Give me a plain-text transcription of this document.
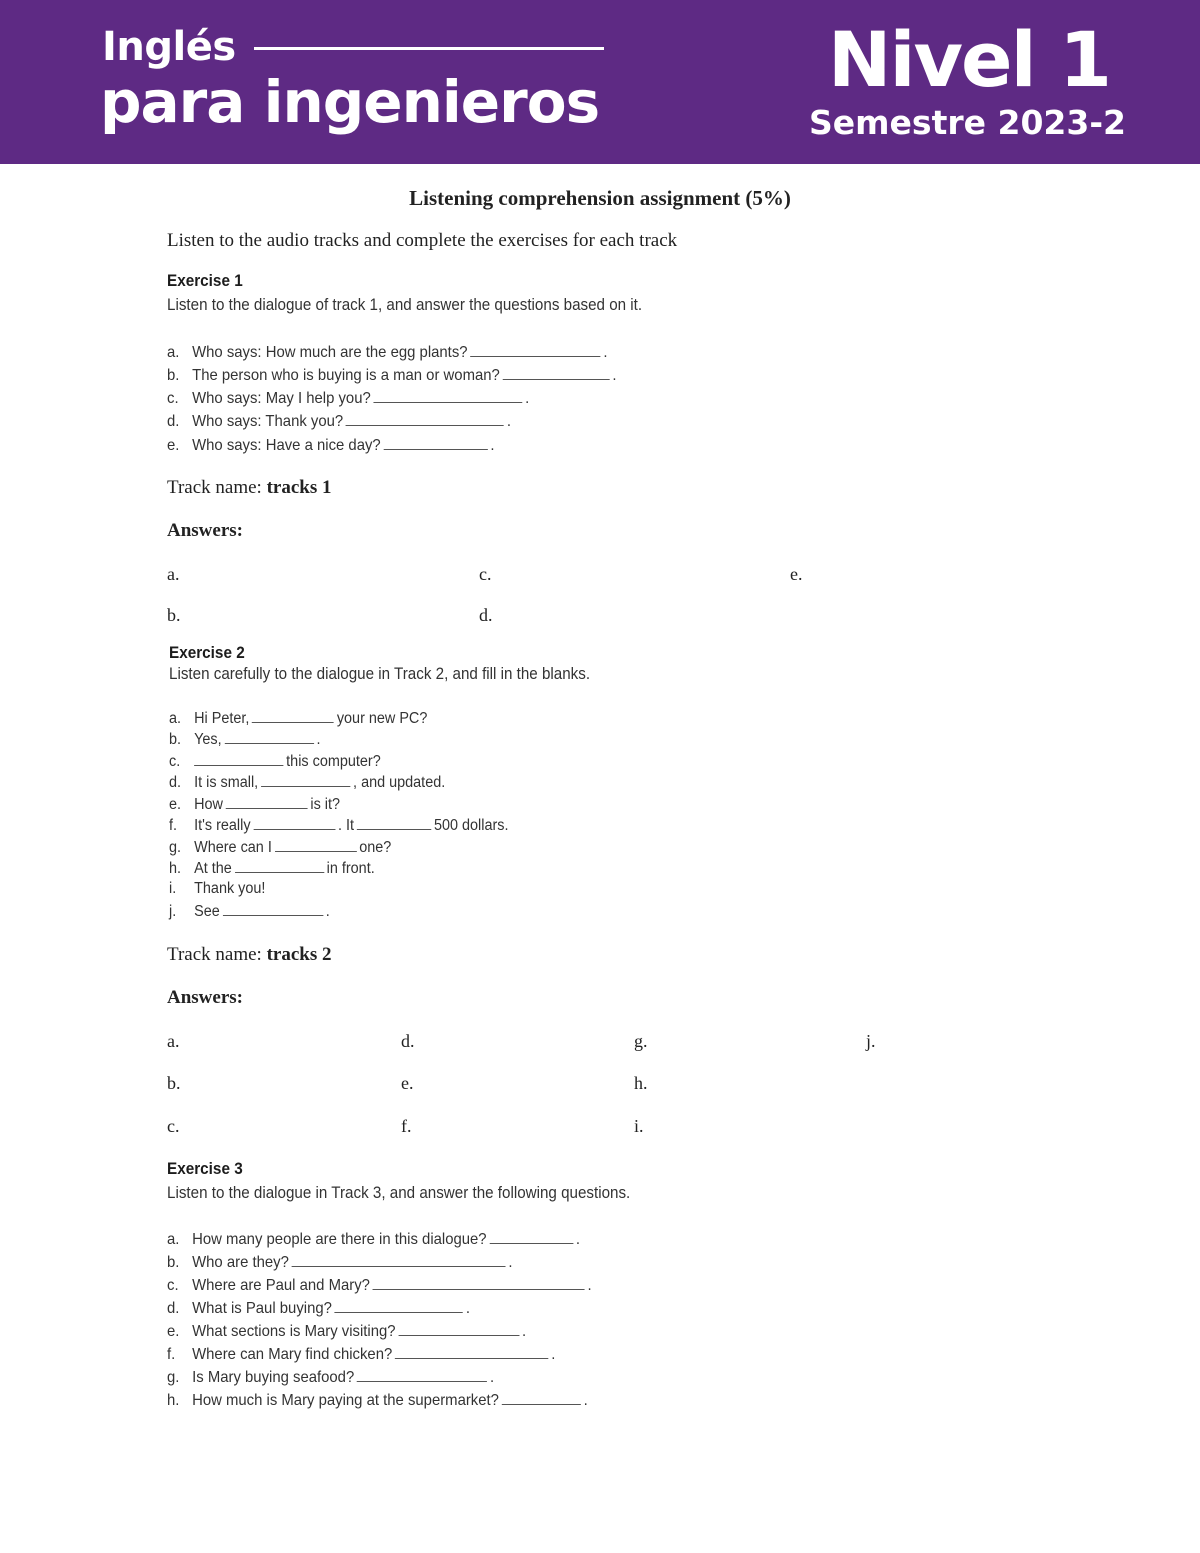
Inglés
para ingenieros	Nivel 1
Semestre 2023-2
Listening comprehension assignment (5%)
Listen to the audio tracks and complete the exercises for each track
Exercise 1
Listen to the dialogue of track 1, and answer the questions based on it.
a. Who says: How much are the egg plants?	.
b. The person who is buying is a man or woman?	.
c. Who says: May I help you?	.
d. Who says: Thank you?	.
e. Who says: Have a nice day?	.
Track name: tracks 1
Answers:
a.
b.
c.
d.
e.
Exercise 2
Listen carefully to the dialogue in Track 2, and fill in the blanks.
a. Hi Peter,	your new PC?
b. Yes,	.
c.	this computer?
d. It is small,	, and updated.
e. How	is it?
f. It's really	. It	500 dollars.
g. Where can I	one?
h. At the	in front.
i. Thank you!
j. See	.
Track name: tracks 2
Answers:
a.
b.
c.
d.
e.
f.
g.
h.
i.
j.
Exercise 3
Listen to the dialogue in Track 3, and answer the following questions.
a. How many people are there in this dialogue?	.
b. Who are they?	.
c. Where are Paul and Mary?	.
d. What is Paul buying?	.
e. What sections is Mary visiting?	.
f. Where can Mary find chicken?	.
g. Is Mary buying seafood?	.
h. How much is Mary paying at the supermarket?	.
